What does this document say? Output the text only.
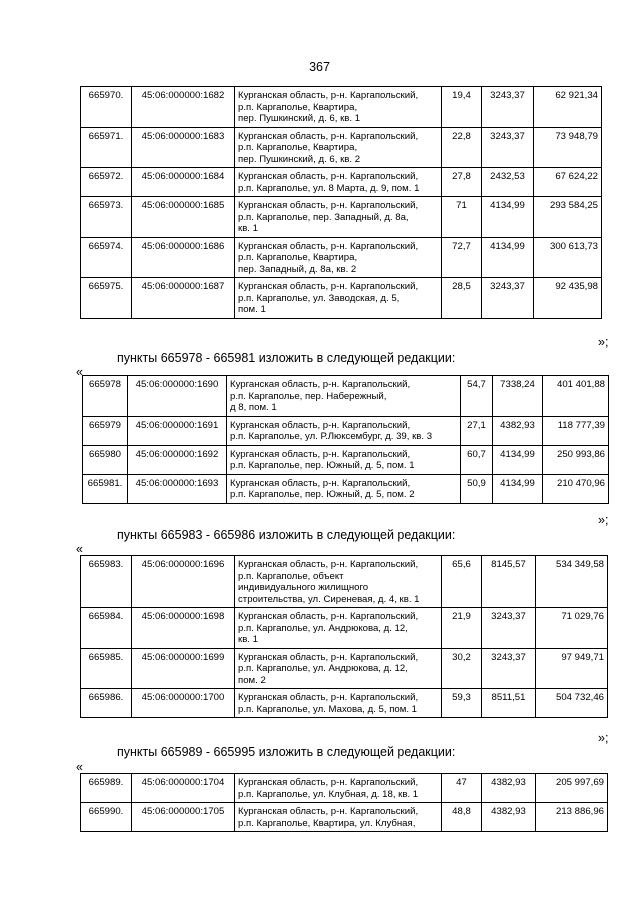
367
665970.	45:06:000000:1682	Курганская область, р-н. Каргапольский,
р.п. Каргаполье, Квартира,
пер. Пушкинский, д. 6, кв. 1	19,4	3243,37	62 921,34
665971.	45:06:000000:1683	Курганская область, р-н. Каргапольский,
р.п. Каргаполье, Квартира,
пер. Пушкинский, д. 6, кв. 2	22,8	3243,37	73 948,79
665972.	45:06:000000:1684	Курганская область, р-н. Каргапольский,
р.п. Каргаполье, ул. 8 Марта, д. 9, пом. 1	27,8	2432,53	67 624,22
665973.	45:06:000000:1685	Курганская область, р-н. Каргапольский,
р.п. Каргаполье, пер. Западный, д. 8а,
кв. 1	71	4134,99	293 584,25
665974.	45:06:000000:1686	Курганская область, р-н. Каргапольский,
р.п. Каргаполье, Квартира,
пер. Западный, д. 8а, кв. 2	72,7	4134,99	300 613,73
665975.	45:06:000000:1687	Курганская область, р-н. Каргапольский,
р.п. Каргаполье, ул. Заводская, д. 5,
пом. 1	28,5	3243,37	92 435,98
»;
пункты 665978 - 665981 изложить в следующей редакции:
«
665978	45:06:000000:1690	Курганская область, р-н. Каргапольский,
р.п. Каргаполье, пер. Набережный,
д 8, пом. 1	54,7	7338,24	401 401,88
665979	45:06:000000:1691	Курганская область, р-н. Каргапольский,
р.п. Каргаполье, ул. Р.Люксембург, д. 39, кв. 3	27,1	4382,93	118 777,39
665980	45:06:000000:1692	Курганская область, р-н. Каргапольский,
р.п. Каргаполье, пер. Южный, д. 5, пом. 1	60,7	4134,99	250 993,86
665981.	45:06:000000:1693	Курганская область, р-н. Каргапольский,
р.п. Каргаполье, пер. Южный, д. 5, пом. 2	50,9	4134,99	210 470,96
»;
пункты 665983 - 665986 изложить в следующей редакции:
«
665983.	45:06:000000:1696	Курганская область, р-н. Каргапольский,
р.п. Каргаполье, объект
индивидуального жилищного
строительства, ул. Сиреневая, д. 4, кв. 1	65,6	8145,57	534 349,58
665984.	45:06:000000:1698	Курганская область, р-н. Каргапольский,
р.п. Каргаполье, ул. Андрюкова, д. 12,
кв. 1	21,9	3243,37	71 029,76
665985.	45:06:000000:1699	Курганская область, р-н. Каргапольский,
р.п. Каргаполье, ул. Андрюкова, д. 12,
пом. 2	30,2	3243,37	97 949,71
665986.	45:06:000000:1700	Курганская область, р-н. Каргапольский,
р.п. Каргаполье, ул. Махова, д. 5, пом. 1	59,3	8511,51	504 732,46
»;
пункты 665989 - 665995 изложить в следующей редакции:
«
665989.	45:06:000000:1704	Курганская область, р-н. Каргапольский,
р.п. Каргаполье, ул. Клубная, д. 18, кв. 1	47	4382,93	205 997,69
665990.	45:06:000000:1705	Курганская область, р-н. Каргапольский,
р.п. Каргаполье, Квартира, ул. Клубная,	48,8	4382,93	213 886,96
